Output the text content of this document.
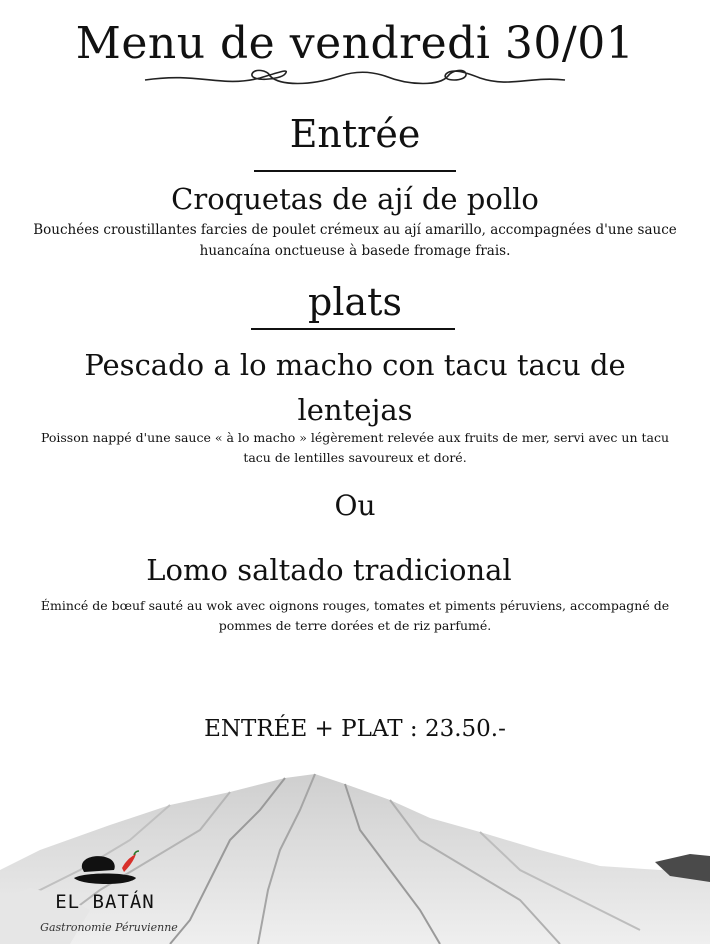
Menu de vendredi 30/01
Entrée
Croquetas de ají de pollo
Bouchées croustillantes farcies de poulet crémeux au ají amarillo, accompagnées d'une sauce huancaína onctueuse à basede fromage frais.
plats
Pescado a lo macho con tacu tacu de lentejas
Poisson nappé d'une sauce « à lo macho » légèrement relevée aux fruits de mer, servi avec un tacu tacu de lentilles savoureux et doré.
Ou
Lomo saltado tradicional
Émincé de bœuf sauté au wok avec oignons rouges, tomates et piments péruviens, accompagné de pommes de terre dorées et de riz parfumé.
ENTRÉE + PLAT : 23.50.-
EL BATÁN
Gastronomie Péruvienne
